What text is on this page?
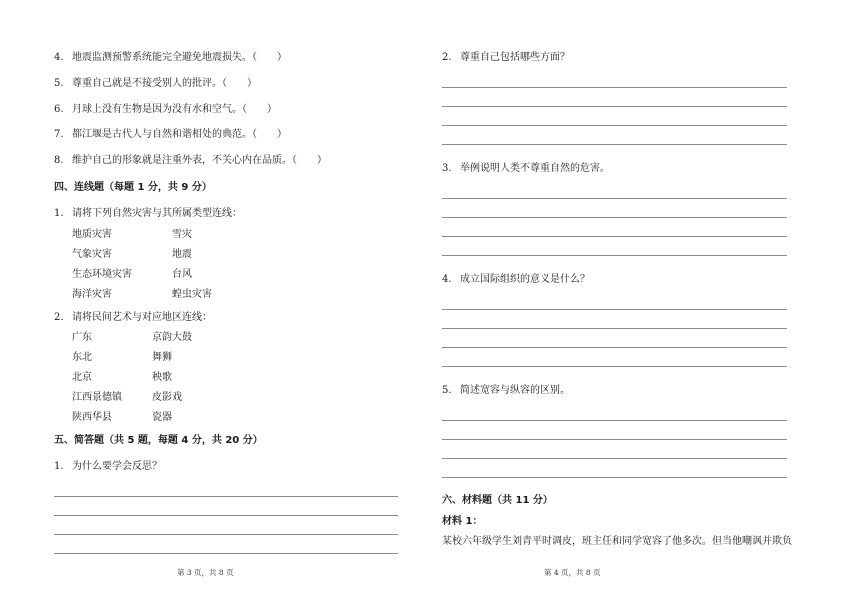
4. 地震监测预警系统能完全避免地震损失。（　　）
5. 尊重自己就是不接受别人的批评。（　　）
6. 月球上没有生物是因为没有水和空气。（　　）
7. 都江堰是古代人与自然和谐相处的典范。（　　）
8. 维护自己的形象就是注重外表，不关心内在品质。（　　）
四、连线题（每题 1 分，共 9 分）
1. 请将下列自然灾害与其所属类型连线：
地质灾害	雪灾
气象灾害	地震
生态环境灾害	台风
海洋灾害	蝗虫灾害
2. 请将民间艺术与对应地区连线：
广东	京韵大鼓
东北	舞狮
北京	秧歌
江西景德镇	皮影戏
陕西华县	瓷器
五、简答题（共 5 题，每题 4 分，共 20 分）
1. 为什么要学会反思？
第 3 页，共 8 页
2. 尊重自己包括哪些方面？
3. 举例说明人类不尊重自然的危害。
4. 成立国际组织的意义是什么？
5. 简述宽容与纵容的区别。
六、材料题（共 11 分）
材料 1：
某校六年级学生刘青平时调皮，班主任和同学宽容了他多次。但当他嘲讽并欺负
第 4 页，共 8 页
